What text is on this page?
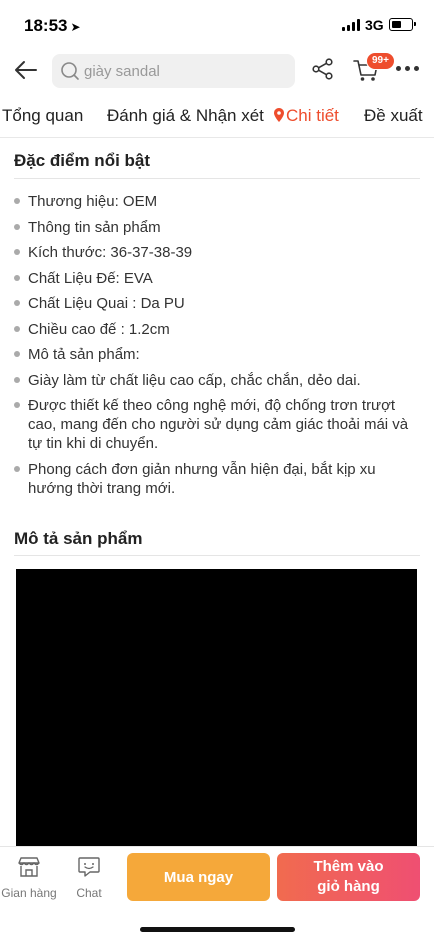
18:53 ➤	3G
giày sandal
99+
Tổng quan Đánh giá & Nhận xét	Chi tiết Đề xuất
Đặc điểm nổi bật
Thương hiệu: OEM
Thông tin sản phẩm
Kích thước: 36-37-38-39
Chất Liệu Đế: EVA
Chất Liệu Quai : Da PU
Chiều cao đế : 1.2cm
Mô tả sản phẩm:
Giày làm từ chất liệu cao cấp, chắc chắn, dẻo dai.
Được thiết kế theo công nghệ mới, độ chống trơn trượt cao, mang đến cho người sử dụng cảm giác thoải mái và tự tin khi di chuyển.
Phong cách đơn giản nhưng vẫn hiện đại, bắt kịp xu hướng thời trang mới.
Mô tả sản phẩm
Gian hàng	Chat
Mua ngay
Thêm vào giỏ hàng
